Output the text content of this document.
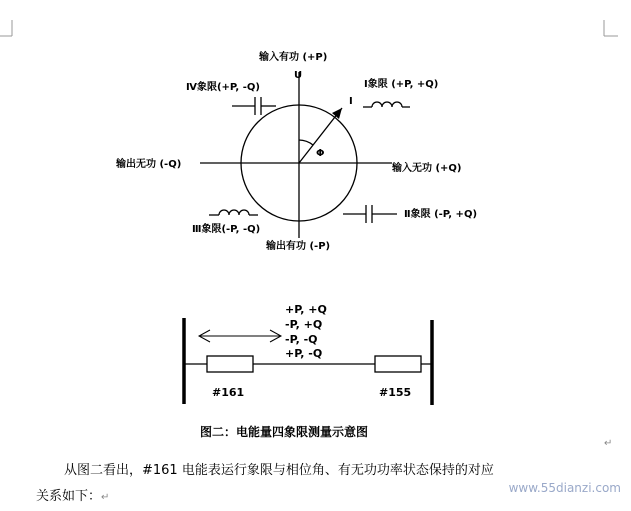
输入有功 (+P)
U
I
Φ
输出无功 (-Q)	输入无功 (+Q)
输出有功 (-P)
Ⅰ象限 (+P, +Q)
Ⅱ象限 (-P, +Q)
Ⅲ象限(-P, -Q)
Ⅳ象限(+P, -Q)
+P, +Q
-P, +Q
-P, -Q
+P, -Q
#161	#155
图二：电能量四象限测量示意图
↵
从图二看出，#161 电能表运行象限与相位角、有无功功率状态保持的对应
关系如下：↵
www.55dianzi.com
